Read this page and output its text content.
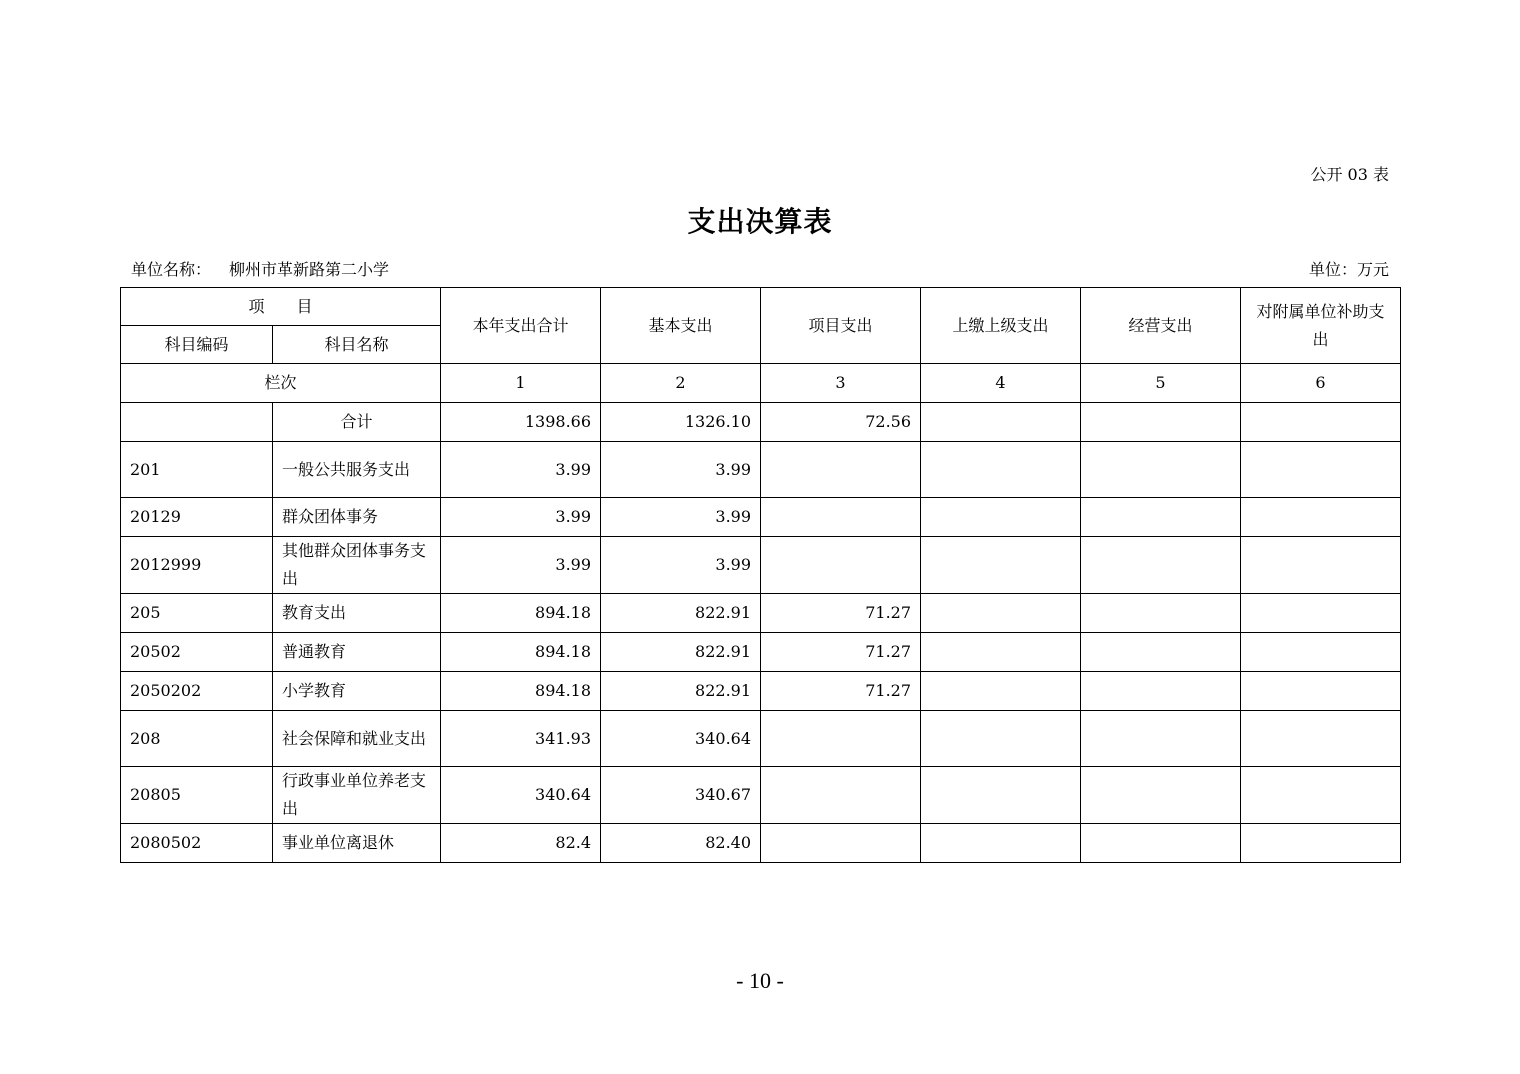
公开 03 表
支出决算表
单位名称： 柳州市革新路第二小学	单位：万元
项　　目		本年支出合计	基本支出	项目支出	上缴上级支出	经营支出	对附属单位补助支出
科目编码	科目名称						
栏次		1	2	3	4	5	6
	合计	1398.66	1326.10	72.56			
201	一般公共服务支出	3.99	3.99				
20129	群众团体事务	3.99	3.99				
2012999	其他群众团体事务支出	3.99	3.99				
205	教育支出	894.18	822.91	71.27			
20502	普通教育	894.18	822.91	71.27			
2050202	小学教育	894.18	822.91	71.27			
208	社会保障和就业支出	341.93	340.64				
20805	行政事业单位养老支出	340.64	340.67				
2080502	事业单位离退休	82.4	82.40				
- 10 -
